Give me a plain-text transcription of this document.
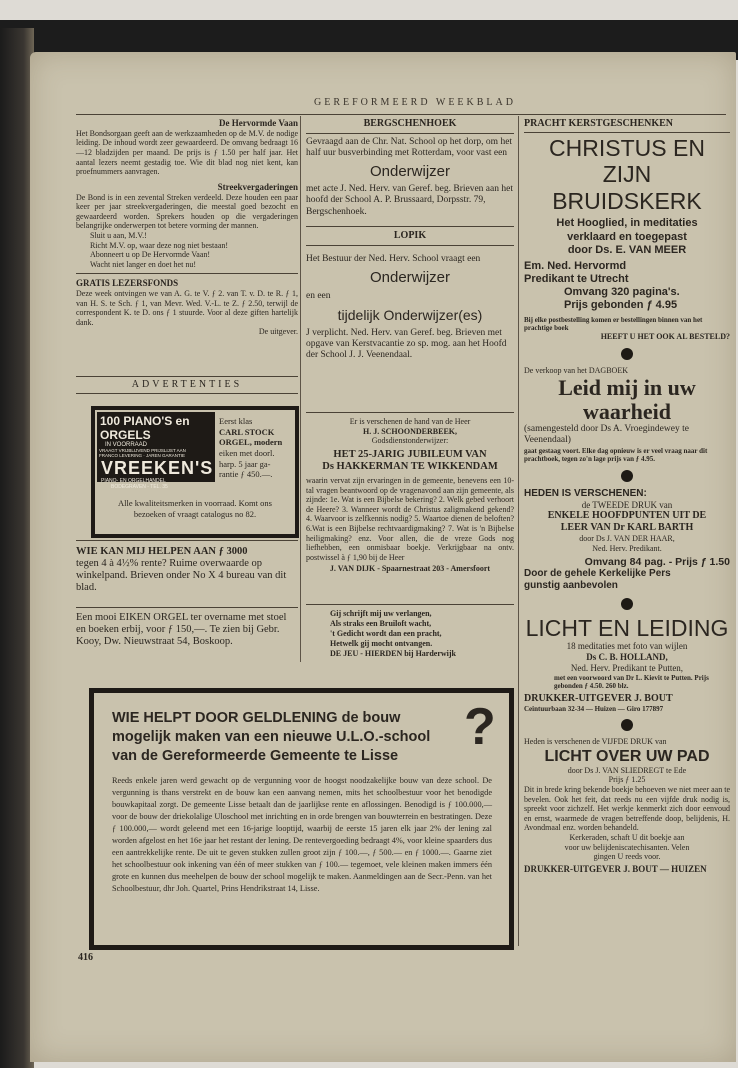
GEREFORMEERD WEEKBLAD
De Hervormde Vaan
Het Bondsorgaan geeft aan de werkzaamheden op de M.V. de nodige leiding. De inhoud wordt zeer gewaardeerd. De omvang bedraagt 16—12 bladzijden per maand. De prijs is ƒ 1.50 per half jaar. Het aantal lezers neemt gestadig toe. Wie dit blad nog niet kent, kan proefnummers aanvragen.
Streekvergaderingen
De Bond is in een zevental Streken verdeeld. Deze houden een paar keer per jaar streekvergaderingen, die meestal goed bezocht en gewaardeerd worden. Sprekers houden op die vergaderingen belangrijke onderwerpen tot betere vorming der mannen.
Sluit u aan, M.V.!
Richt M.V. op, waar deze nog niet bestaan!
Abonneert u op De Hervormde Vaan!
Wacht niet langer en doet het nu!
GRATIS LEZERSFONDS
Deze week ontvingen we van A. G. te V. ƒ 2. van T. v. D. te R. ƒ 1, van H. S. te Sch. ƒ 1, van Mevr. Wed. V.-L. te Z. ƒ 2.50, terwijl de correspondent K. te D. ons ƒ 1 stuurde. Voor al deze giften hartelijk dank.
De uitgever.
ADVERTENTIES
100 PIANO'S en ORGELS
IN VOORRAAD
VRAAGT VRIJBLIJVEND PRIJSLIJST AAN
FRANCO LEVERING · JAREN GARANTIE
VREEKEN'S
PIANO- EN ORGELHANDEL
BODEGRAVEN - TEL. 35
Eerst klas
CARL STOCK
ORGEL, modern
eiken met doorl.
harp. 5 jaar ga-
rantie ƒ 450.—.
Alle kwaliteitsmerken in voorraad. Komt ons
bezoeken of vraagt catalogus no 82.
WIE KAN MIJ HELPEN AAN ƒ 3000
tegen 4 à 4½% rente? Ruime overwaarde op winkelpand. Brieven onder No X 4 bureau van dit blad.
Een mooi EIKEN ORGEL ter overname met stoel en boeken erbij, voor ƒ 150,—. Te zien bij Gebr. Kooy, Dw. Nieuwstraat 54, Boskoop.
BERGSCHENHOEK
Gevraagd aan de Chr. Nat. School op het dorp, om het half uur busverbinding met Rotterdam, voor vast een
Onderwijzer
met acte J. Ned. Herv. van Geref. beg. Brieven aan het hoofd der School A. P. Brussaard, Dorpsstr. 79, Bergschenhoek.
LOPIK
Het Bestuur der Ned. Herv. School vraagt een
Onderwijzer
en een
tijdelijk Onderwijzer(es)
J verplicht. Ned. Herv. van Geref. beg. Brieven met opgave van Kerstvacantie zo sp. mog. aan het Hoofd der School J. J. Veenendaal.
Er is verschenen de hand van de Heer
H. J. SCHOONDERBEEK,
Godsdienstonderwijzer:
HET 25-JARIG JUBILEUM VAN
Ds HAKKERMAN TE WIKKENDAM
waarin vervat zijn ervaringen in de gemeente, benevens een 10-tal vragen beantwoord op de vragenavond aan zijn gemeente, als zijnde: 1e. Wat is een Bijbelse bekering? 2. Welk gebed verhoort de Heere? 3. Wanneer wordt de Christus zaligmakend gekend? 4. Waarvoor is zelfkennis nodig? 5. Waartoe dienen de beloften? 6.Wat is een Bijbelse rechtvaardigmaking? 7. Wat is 'n Bijbelse heiligmaking? enz. Voor allen, die de vreze Gods nog liefhebben, een onmisbaar boekje. Verkrijgbaar na ontv. postwissel à ƒ 1,90 bij de Heer
J. VAN DIJK - Spaarnestraat 203 - Amersfoort
Gij schrijft mij uw verlangen,
Als straks een Bruiloft wacht,
't Gedicht wordt dan een pracht,
Hetwelk gij mocht ontvangen.
DE JEU - HIERDEN bij Harderwijk
PRACHT KERSTGESCHENKEN
CHRISTUS EN ZIJN
BRUIDSKERK
Het Hooglied, in meditaties
verklaard en toegepast
door Ds. E. VAN MEER
Em. Ned. Hervormd
Predikant te Utrecht
Omvang 320 pagina's.
Prijs gebonden ƒ 4.95
Bij elke postbestelling komen er bestellingen binnen van het prachtige boek
HEEFT U HET OOK AL BESTELD?
De verkoop van het DAGBOEK
Leid mij in uw waarheid
(samengesteld door Ds A. Vroegindewey te Veenendaal)
gaat gestaag voort. Elke dag opnieuw is er veel vraag naar dit prachtboek, tegen zo'n lage prijs van ƒ 4.95.
HEDEN IS VERSCHENEN:
de TWEEDE DRUK van
ENKELE HOOFDPUNTEN UIT DE
LEER VAN Dr KARL BARTH
door Ds J. VAN DER HAAR,
Ned. Herv. Predikant.
Omvang 84 pag. - Prijs ƒ 1.50
Door de gehele Kerkelijke Pers
gunstig aanbevolen
LICHT EN LEIDING
18 meditaties met foto van wijlen
Ds C. B. HOLLAND,
Ned. Herv. Predikant te Putten,
met een voorwoord van Dr L. Kievit te Putten. Prijs gebonden ƒ 4.50. 260 blz.
DRUKKER-UITGEVER J. BOUT
Ceintuurbaan 32-34 — Huizen — Giro 177897
Heden is verschenen de VIJFDE DRUK van
LICHT OVER UW PAD
door Ds J. VAN SLIEDREGT te Ede
Prijs ƒ 1.25
Dit in brede kring bekende boekje behoeven we niet meer aan te bevelen. Ook het feit, dat reeds nu een vijfde druk nodig is, spreekt voor zichzelf. Het werkje kenmerkt zich door eenvoud en ernst, waarmede de vragen betreffende doop, belijdenis, H. Avondmaal enz. worden behandeld.
Kerkeraden, schaft U dit boekje aan
voor uw belijdeniscatechisanten. Velen
gingen U reeds voor.
DRUKKER-UITGEVER J. BOUT — HUIZEN
WIE HELPT DOOR GELDLENING de bouw
mogelijk maken van een nieuwe U.L.O.-school
van de Gereformeerde Gemeente te Lisse	?
Reeds enkele jaren werd gewacht op de vergunning voor de hoogst noodzakelijke bouw van deze school. De vergunning is thans verstrekt en de bouw kan een aanvang nemen, mits het schoolbestuur voor het benodigde bouwkapitaal zorgt. De gemeente Lisse betaalt dan de jaarlijkse rente en aflossingen. Benodigd is ƒ 100.000,— voor de bouw der driekolalige Uloschool met inrichting en in orde brengen van bouwterrein en bestratingen. Deze ƒ 100.000,— wordt geleend met een 16-jarige looptijd, waarbij de eerste 15 jaren elk jaar 2% der lening zal worden afgelost en het 16e jaar het restant der lening. De rentevergoeding bedraagt 4%, voor kleine spaarders dus een aantrekkelijke rente. De uit te geven stukken zullen groot zijn ƒ 100.—, ƒ 500.— en ƒ 1000.—. Gaarne ziet het schoolbestuur ook inkening van één of meer stukken van ƒ 100.— tegemoet, vele kleinen maken immers één grote en kunnen dus meehelpen de bouw der school mogelijk te maken. Aanmeldingen aan de Secr.-Penn. van het Schoolbestuur, dhr Joh. Quartel, Prins Hendrikstraat 14, Lisse.
416
